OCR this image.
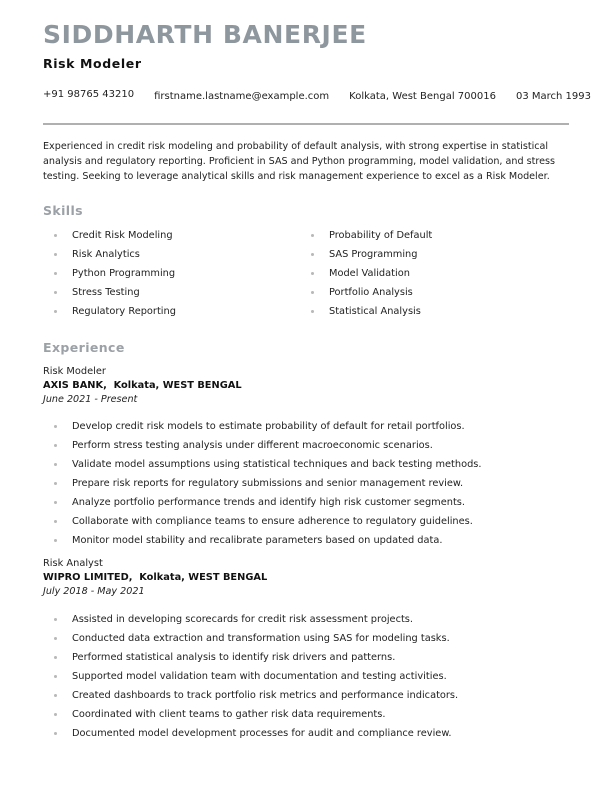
SIDDHARTH BANERJEE
Risk Modeler
+91 98765 43210 firstname.lastname@example.com Kolkata, West Bengal 700016 03 March 1993
Experienced in credit risk modeling and probability of default analysis, with strong expertise in statistical analysis and regulatory reporting. Proficient in SAS and Python programming, model validation, and stress testing. Seeking to leverage analytical skills and risk management experience to excel as a Risk Modeler.
Skills
Credit Risk Modeling
Risk Analytics
Python Programming
Stress Testing
Regulatory Reporting
Probability of Default
SAS Programming
Model Validation
Portfolio Analysis
Statistical Analysis
Experience
Risk Modeler
AXIS BANK,  Kolkata, WEST BENGAL
June 2021 - Present
Develop credit risk models to estimate probability of default for retail portfolios.
Perform stress testing analysis under different macroeconomic scenarios.
Validate model assumptions using statistical techniques and back testing methods.
Prepare risk reports for regulatory submissions and senior management review.
Analyze portfolio performance trends and identify high risk customer segments.
Collaborate with compliance teams to ensure adherence to regulatory guidelines.
Monitor model stability and recalibrate parameters based on updated data.
Risk Analyst
WIPRO LIMITED,  Kolkata, WEST BENGAL
July 2018 - May 2021
Assisted in developing scorecards for credit risk assessment projects.
Conducted data extraction and transformation using SAS for modeling tasks.
Performed statistical analysis to identify risk drivers and patterns.
Supported model validation team with documentation and testing activities.
Created dashboards to track portfolio risk metrics and performance indicators.
Coordinated with client teams to gather risk data requirements.
Documented model development processes for audit and compliance review.
